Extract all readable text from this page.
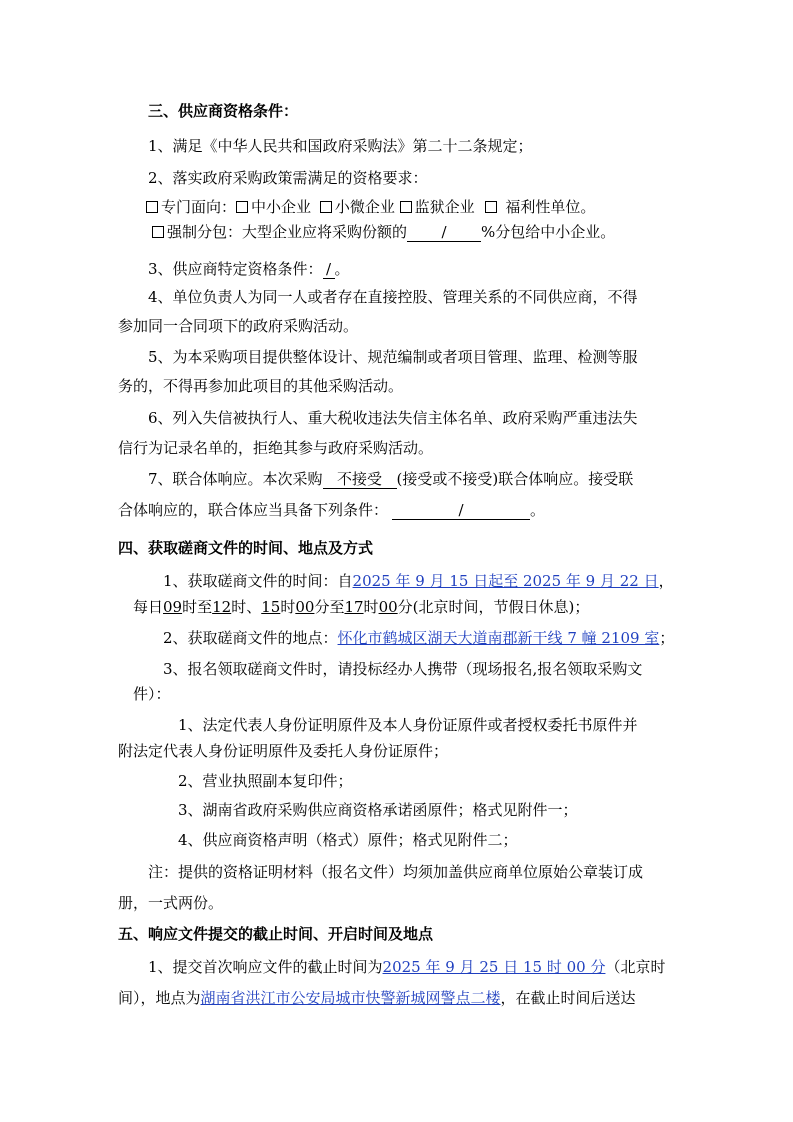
三、供应商资格条件：
1、满足《中华人民共和国政府采购法》第二十二条规定；
2、落实政府采购政策需满足的资格要求：
专门面向： 中小企业 小微企业 监狱企业 福利性单位。
强制分包：大型企业应将采购份额的 / %分包给中小企业。
3、供应商特定资格条件： / 。
4、单位负责人为同一人或者存在直接控股、管理关系的不同供应商，不得
参加同一合同项下的政府采购活动。
5、为本采购项目提供整体设计、规范编制或者项目管理、监理、检测等服
务的，不得再参加此项目的其他采购活动。
6、列入失信被执行人、重大税收违法失信主体名单、政府采购严重违法失
信行为记录名单的，拒绝其参与政府采购活动。
7、联合体响应。本次采购 不接受 (接受或不接受)联合体响应。接受联
合体响应的，联合体应当具备下列条件：	/	。
四、获取磋商文件的时间、地点及方式
1、获取磋商文件的时间：自2025 年 9 月 15 日起至 2025 年 9 月 22 日，
每日09时至12时、15时00分至17时00分(北京时间，节假日休息)；
2、获取磋商文件的地点：怀化市鹤城区湖天大道南郡新干线 7 幢 2109 室；
3、报名领取磋商文件时，请投标经办人携带（现场报名,报名领取采购文
件）：
1、法定代表人身份证明原件及本人身份证原件或者授权委托书原件并
附法定代表人身份证明原件及委托人身份证原件；
2、营业执照副本复印件；
3、湖南省政府采购供应商资格承诺函原件；格式见附件一；
4、供应商资格声明（格式）原件；格式见附件二；
注：提供的资格证明材料（报名文件）均须加盖供应商单位原始公章装订成
册，一式两份。
五、响应文件提交的截止时间、开启时间及地点
1、提交首次响应文件的截止时间为2025 年 9 月 25 日 15 时 00 分（北京时
间），地点为湖南省洪江市公安局城市快警新城网警点二楼，在截止时间后送达
